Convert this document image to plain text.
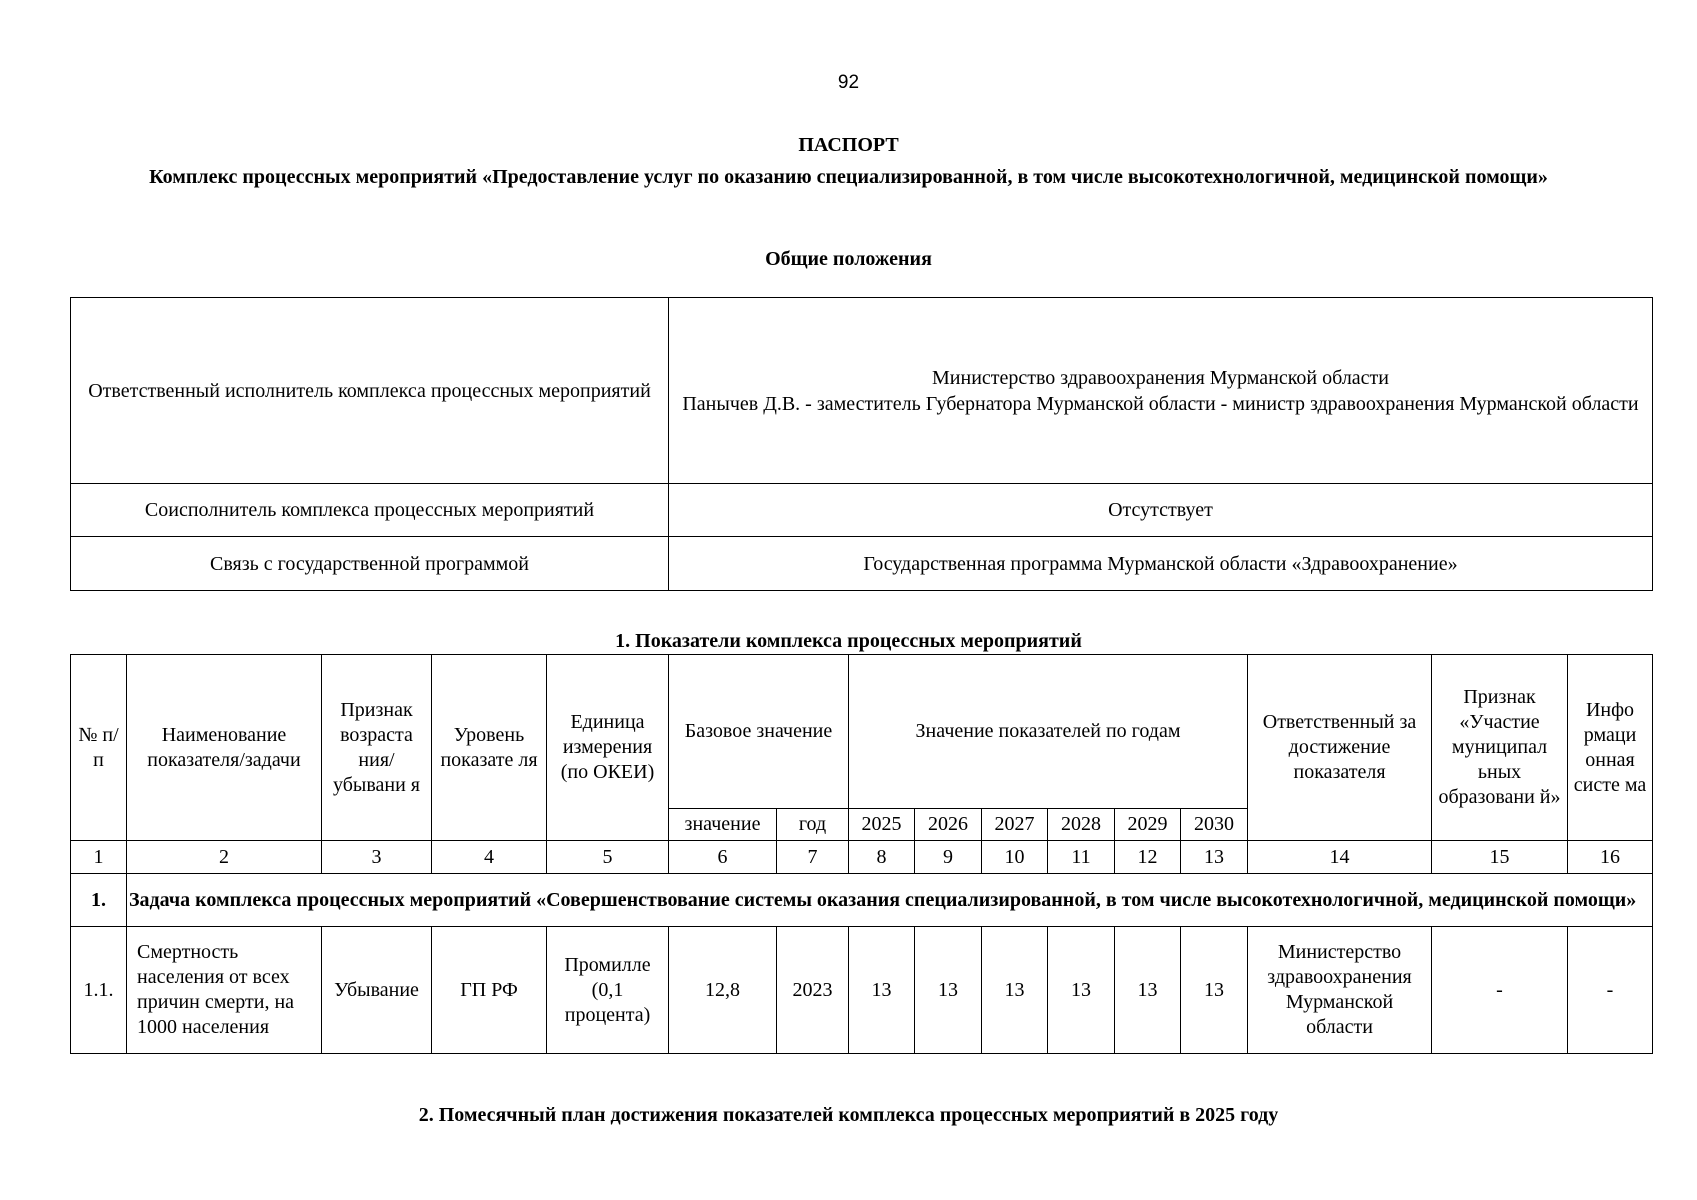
92
ПАСПОРТ
Комплекс процессных мероприятий «Предоставление услуг по оказанию специализированной, в том числе высокотехнологичной, медицинской помощи»
Общие положения
Ответственный исполнитель комплекса процессных мероприятий	Министерство здравоохранения Мурманской области
Панычев Д.В. - заместитель Губернатора Мурманской области - министр здравоохранения Мурманской области

Соисполнитель комплекса процессных мероприятий	Отсутствует
Связь с государственной программой	Государственная программа Мурманской области «Здравоохранение»
1. Показатели комплекса процессных мероприятий
№ п/п	Наименование показателя/задачи	Признак возраста ния/ убывани я	Уровень показате ля	Единица измерения (по ОКЕИ)	Базовое значение		Значение показателей по годам						Ответственный за достижение показателя	Признак «Участие муниципал ьных образовани й»	Инфо рмаци онная систе ма
					значение	год	2025	2026	2027	2028	2029	2030			
1	2	3	4	5	6	7	8	9	10	11	12	13	14	15	16
1.	Задача комплекса процессных мероприятий «Совершенствование системы оказания специализированной, в том числе высокотехнологичной, медицинской помощи»														
1.1.	Смертность населения от всех причин смерти, на 1000 населения	Убывание	ГП РФ	Промилле (0,1 процента)	12,8	2023	13	13	13	13	13	13	Министерство здравоохранения Мурманской области	-	-
2. Помесячный план достижения показателей комплекса процессных мероприятий в 2025 году
